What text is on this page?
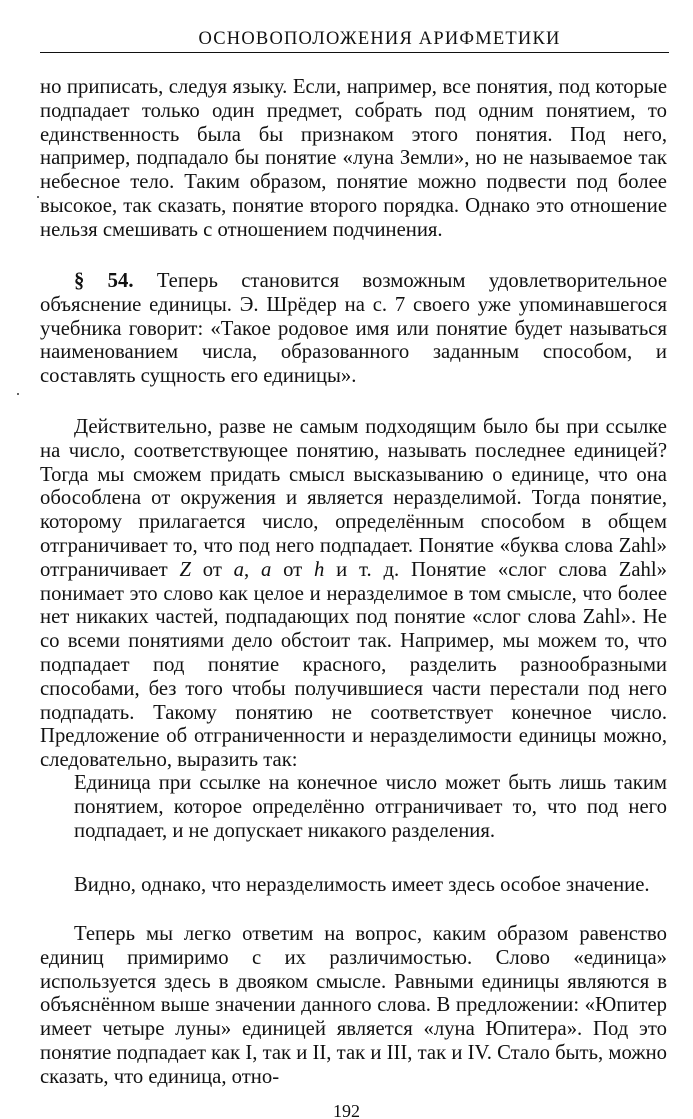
ОСНОВОПОЛОЖЕНИЯ АРИФМЕТИКИ

но приписать, следуя языку. Если, например, все понятия, под которые подпадает только один предмет, собрать под одним понятием, то единственность была бы признаком этого понятия. Под него, например, подпадало бы понятие «луна Земли», но не называемое так небесное тело. Таким образом, понятие можно подвести под более высокое, так сказать, понятие второго порядка. Однако это отношение нельзя смешивать с отношением подчинения.

§ 54. Теперь становится возможным удовлетворительное объяснение единицы. Э. Шрёдер на с. 7 своего уже упоминавшегося учебника говорит: «Такое родовое имя или понятие будет называться наименованием числа, образованного заданным способом, и составлять сущность его единицы».

Действительно, разве не самым подходящим было бы при ссылке на число, соответствующее понятию, называть последнее единицей? Тогда мы сможем придать смысл высказыванию о единице, что она обособлена от окружения и является неразделимой. Тогда понятие, которому прилагается число, определённым способом в общем отграничивает то, что под него подпадает. Понятие «буква слова Zahl» отграничивает Z от a, a от h и т. д. Понятие «слог слова Zahl» понимает это слово как целое и неразделимое в том смысле, что более нет никаких частей, подпадающих под понятие «слог слова Zahl». Не со всеми понятиями дело обстоит так. Например, мы можем то, что подпадает под понятие красного, разделить разнообразными способами, без того чтобы получившиеся части перестали под него подпадать. Такому понятию не соответствует конечное число. Предложение об отграниченности и неразделимости единицы можно, следовательно, выразить так:

Единица при ссылке на конечное число может быть лишь таким понятием, которое определённо отграничивает то, что под него подпадает, и не допускает никакого разделения.

Видно, однако, что неразделимость имеет здесь особое значение.

Теперь мы легко ответим на вопрос, каким образом равенство единиц примиримо с их различимостью. Слово «единица» используется здесь в двояком смысле. Равными единицы являются в объяснённом выше значении данного слова. В предложении: «Юпитер имеет четыре луны» единицей является «луна Юпитера». Под это понятие подпадает как I, так и II, так и III, так и IV. Стало быть, можно сказать, что единица, отно-

192
